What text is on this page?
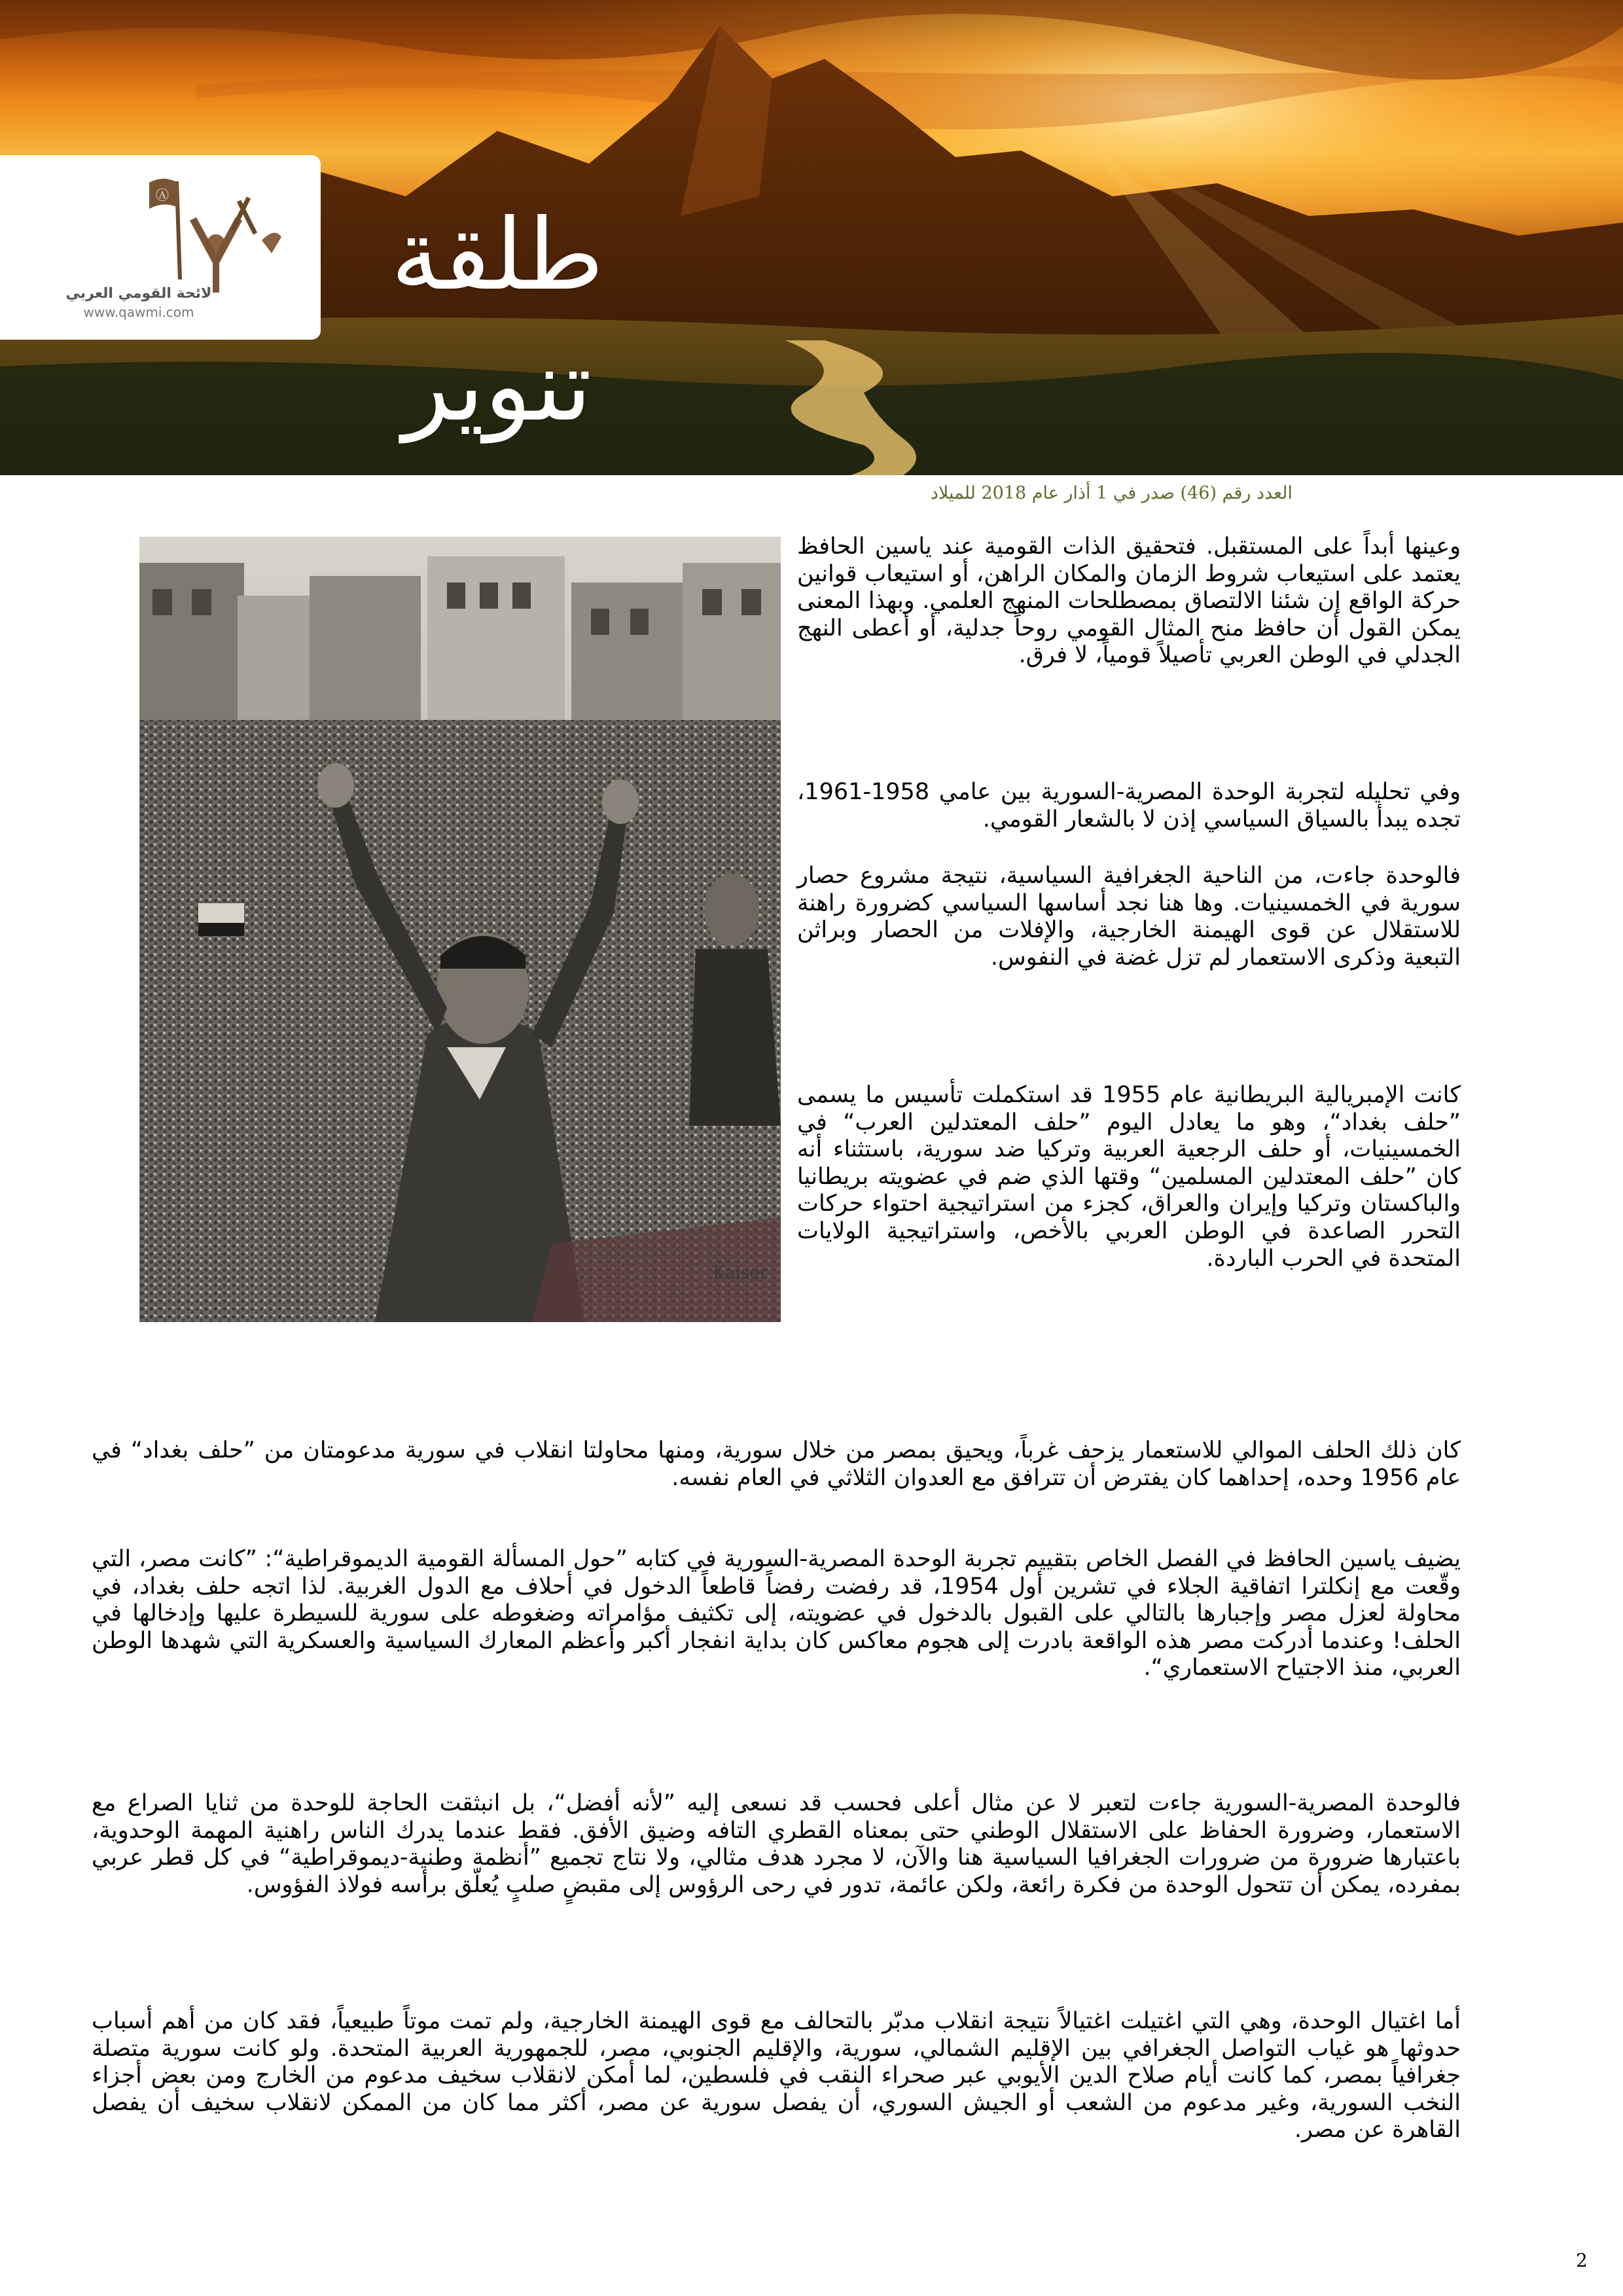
Ⓐ
لائحة القومي العربي
www.qawmi.com	طلقة تنوير
العدد رقم (46) صدر في 1 أذار عام 2018 للميلاد
Kaiser

وعينها أبداً على المستقبل. فتحقيق الذات القومية عند ياسين الحافظ يعتمد على استيعاب شروط الزمان والمكان الراهن، أو استيعاب قوانين حركة الواقع إن شئنا الالتصاق بمصطلحات المنهج العلمي. وبهذا المعنى يمكن القول أن حافظ منح المثال القومي روحاً جدلية، أو أعطى النهج الجدلي في الوطن العربي تأصيلاً قومياً، لا فرق.

وفي تحليله لتجربة الوحدة المصرية-السورية بين عامي 1958-1961، تجده يبدأ بالسياق السياسي إذن لا بالشعار القومي.

فالوحدة جاءت، من الناحية الجغرافية السياسية، نتيجة مشروع حصار سورية في الخمسينيات. وها هنا نجد أساسها السياسي كضرورة راهنة للاستقلال عن قوى الهيمنة الخارجية، والإفلات من الحصار وبراثن التبعية وذكرى الاستعمار لم تزل غضة في النفوس.

كانت الإمبريالية البريطانية عام 1955 قد استكملت تأسيس ما يسمى ”حلف بغداد“، وهو ما يعادل اليوم ”حلف المعتدلين العرب“ في الخمسينيات، أو حلف الرجعية العربية وتركيا ضد سورية، باستثناء أنه كان ”حلف المعتدلين المسلمين“ وقتها الذي ضم في عضويته بريطانيا والباكستان وتركيا وإيران والعراق، كجزء من استراتيجية احتواء حركات التحرر الصاعدة في الوطن العربي بالأخص، واستراتيجية الولايات المتحدة في الحرب الباردة.

كان ذلك الحلف الموالي للاستعمار يزحف غرباً، ويحيق بمصر من خلال سورية، ومنها محاولتا انقلاب في سورية مدعومتان من ”حلف بغداد“ في عام 1956 وحده، إحداهما كان يفترض أن تترافق مع العدوان الثلاثي في العام نفسه.

يضيف ياسين الحافظ في الفصل الخاص بتقييم تجربة الوحدة المصرية-السورية في كتابه ”حول المسألة القومية الديموقراطية“: ”كانت مصر، التي وقّعت مع إنكلترا اتفاقية الجلاء في تشرين أول 1954، قد رفضت رفضاً قاطعاً الدخول في أحلاف مع الدول الغربية. لذا اتجه حلف بغداد، في محاولة لعزل مصر وإجبارها بالتالي على القبول بالدخول في عضويته، إلى تكثيف مؤامراته وضغوطه على سورية للسيطرة عليها وإدخالها في الحلف! وعندما أدركت مصر هذه الواقعة بادرت إلى هجوم معاكس كان بداية انفجار أكبر وأعظم المعارك السياسية والعسكرية التي شهدها الوطن العربي، منذ الاجتياح الاستعماري“.

فالوحدة المصرية-السورية جاءت لتعبر لا عن مثال أعلى فحسب قد نسعى إليه ”لأنه أفضل“، بل انبثقت الحاجة للوحدة من ثنايا الصراع مع الاستعمار، وضرورة الحفاظ على الاستقلال الوطني حتى بمعناه القطري التافه وضيق الأفق. فقط عندما يدرك الناس راهنية المهمة الوحدوية، باعتبارها ضرورة من ضرورات الجغرافيا السياسية هنا والآن، لا مجرد هدف مثالي، ولا نتاج تجميع ”أنظمة وطنية-ديموقراطية“ في كل قطر عربي بمفرده، يمكن أن تتحول الوحدة من فكرة رائعة، ولكن عائمة، تدور في رحى الرؤوس إلى مقبضٍ صلبٍ يُعلّق برأسه فولاذ الفؤوس.

أما اغتيال الوحدة، وهي التي اغتيلت اغتيالاً نتيجة انقلاب مدبّر بالتحالف مع قوى الهيمنة الخارجية، ولم تمت موتاً طبيعياً، فقد كان من أهم أسباب حدوثها هو غياب التواصل الجغرافي بين الإقليم الشمالي، سورية، والإقليم الجنوبي، مصر، للجمهورية العربية المتحدة. ولو كانت سورية متصلة جغرافياً بمصر، كما كانت أيام صلاح الدين الأيوبي عبر صحراء النقب في فلسطين، لما أمكن لانقلاب سخيف مدعوم من الخارج ومن بعض أجزاء النخب السورية، وغير مدعوم من الشعب أو الجيش السوري، أن يفصل سورية عن مصر، أكثر مما كان من الممكن لانقلاب سخيف أن يفصل القاهرة عن مصر.

2
